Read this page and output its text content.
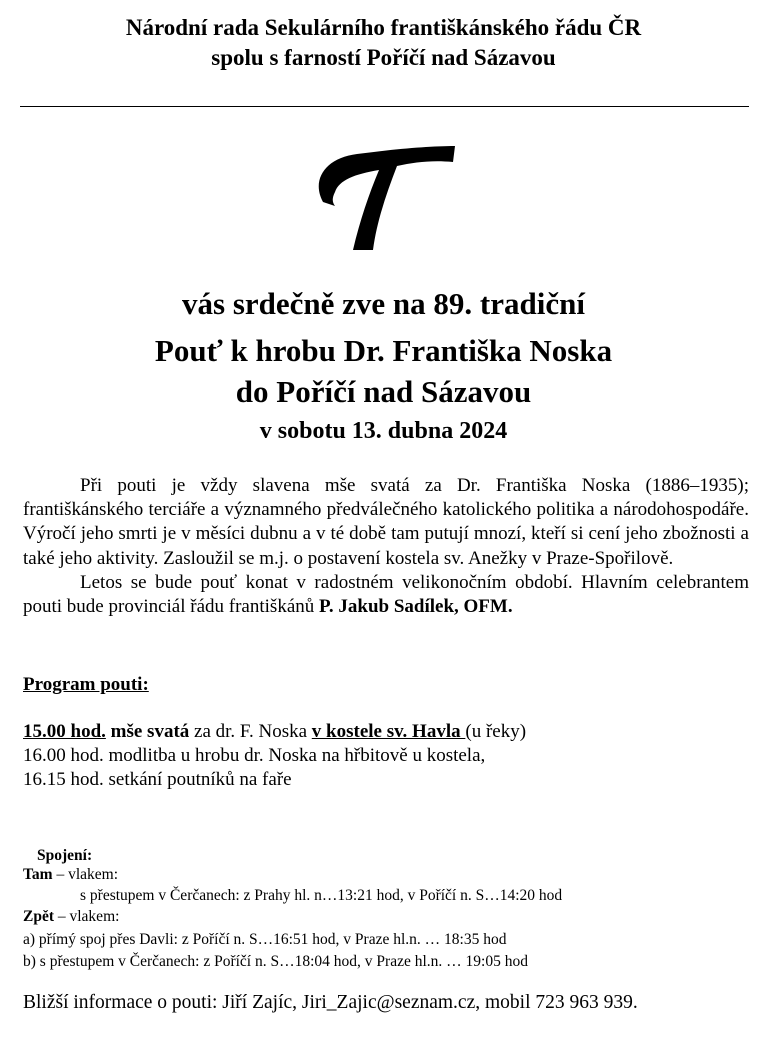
Národní rada Sekulárního františkánského řádu ČR
spolu s farností Poříčí nad Sázavou
vás srdečně zve na 89. tradiční
Pouť k hrobu Dr. Františka Noska
do Poříčí nad Sázavou
v sobotu 13. dubna 2024

Při pouti je vždy slavena mše svatá za Dr. Františka Noska (1886–1935); františkánského terciáře a významného předválečného katolického politika a národohospodáře. Výročí jeho smrti je v měsíci dubnu a v té době tam putují mnozí, kteří si cení jeho zbožnosti a také jeho aktivity. Zasloužil se m.j. o postavení kostela sv. Anežky v Praze-Spořilově.

Letos se bude pouť konat v radostném velikonočním období. Hlavním celebrantem pouti bude provinciál řádu františkánů P. Jakub Sadílek, OFM.

Program pouti:
15.00 hod. mše svatá za dr. F. Noska v kostele sv. Havla (u řeky)
16.00 hod. modlitba u hrobu dr. Noska na hřbitově u kostela,
16.15 hod. setkání poutníků na faře
Spojení:
Tam – vlakem:
s přestupem v Čerčanech: z Prahy hl. n…13:21 hod, v Poříčí n. S…14:20 hod
Zpět – vlakem:
a) přímý spoj přes Davli: z Poříčí n. S…16:51 hod, v Praze hl.n. … 18:35 hod
b) s přestupem v Čerčanech: z Poříčí n. S…18:04 hod, v Praze hl.n. … 19:05 hod
Bližší informace o pouti: Jiří Zajíc, Jiri_Zajic@seznam.cz, mobil 723 963 939.
